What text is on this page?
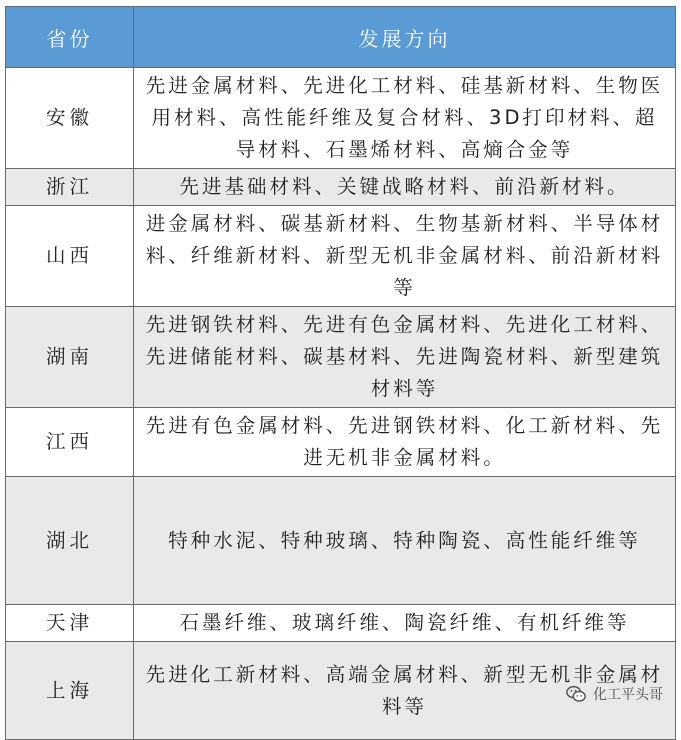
省份	发展方向
安徽	先进金属材料、先进化工材料、硅基新材料、生物医用材料、高性能纤维及复合材料、3D打印材料、超导材料、石墨烯材料、高熵合金等
浙江	先进基础材料、关键战略材料、前沿新材料。
山西	进金属材料、碳基新材料、生物基新材料、半导体材料、纤维新材料、新型无机非金属材料、前沿新材料等
湖南	先进钢铁材料、先进有色金属材料、先进化工材料、先进储能材料、碳基材料、先进陶瓷材料、新型建筑材料等
江西	先进有色金属材料、先进钢铁材料、化工新材料、先进无机非金属材料。
湖北	特种水泥、特种玻璃、特种陶瓷、高性能纤维等
天津	石墨纤维、玻璃纤维、陶瓷纤维、有机纤维等
上海	先进化工新材料、高端金属材料、新型无机非金属材料等	化工平头哥
